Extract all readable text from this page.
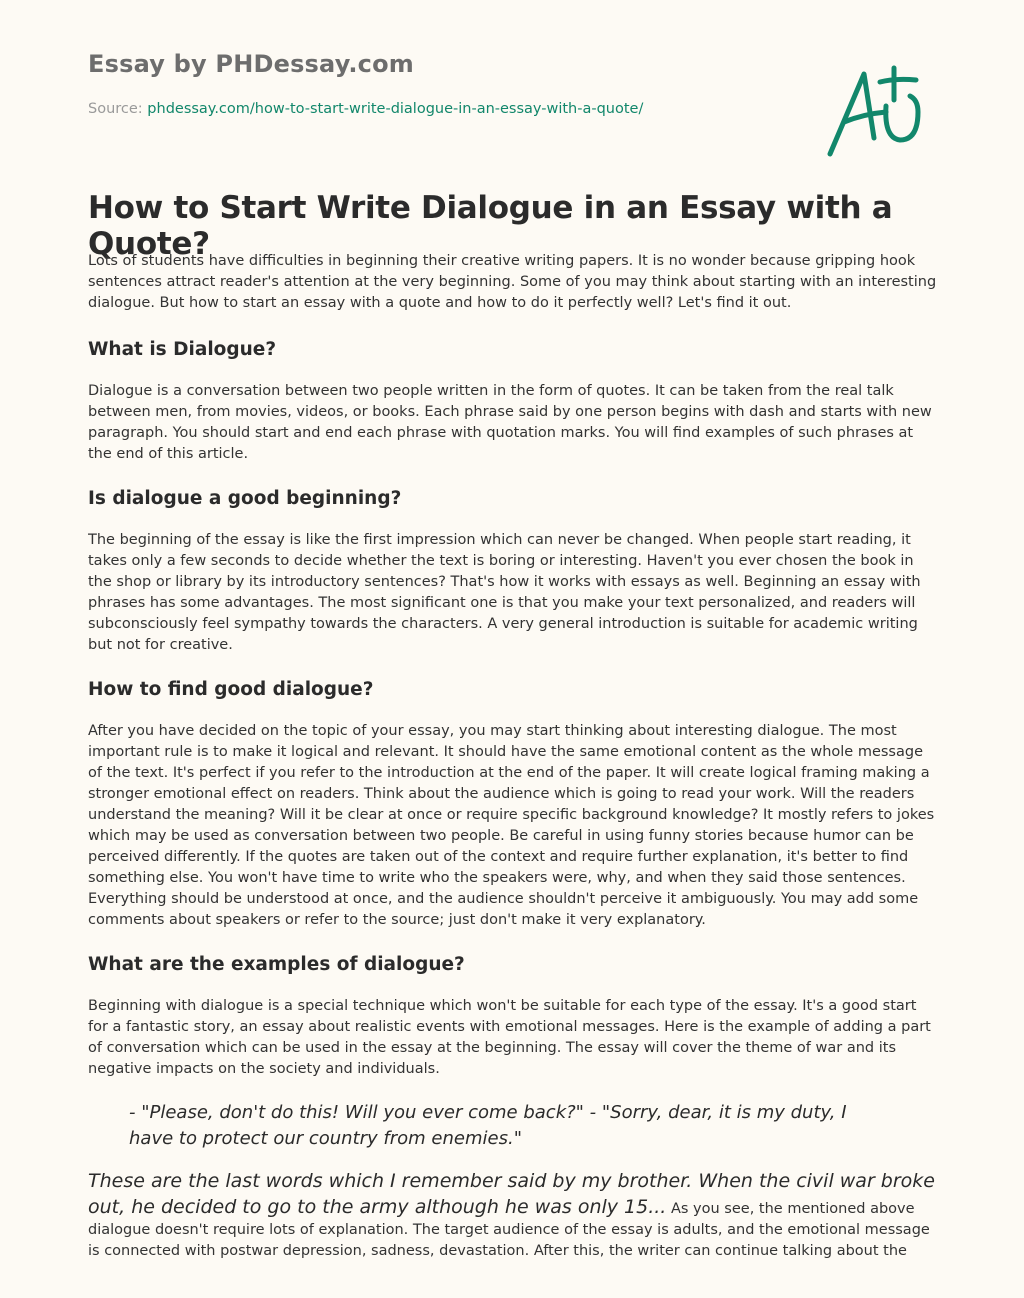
Essay by PHDessay.com
Source: phdessay.com/how-to-start-write-dialogue-in-an-essay-with-a-quote/
How to Start Write Dialogue in an Essay with a Quote?

Lots of students have difficulties in beginning their creative writing papers. It is no wonder because gripping hook sentences attract reader's attention at the very beginning. Some of you may think about starting with an interesting dialogue. But how to start an essay with a quote and how to do it perfectly well? Let's find it out.

What is Dialogue?

Dialogue is a conversation between two people written in the form of quotes. It can be taken from the real talk between men, from movies, videos, or books. Each phrase said by one person begins with dash and starts with new paragraph. You should start and end each phrase with quotation marks. You will find examples of such phrases at the end of this article.

Is dialogue a good beginning?

The beginning of the essay is like the first impression which can never be changed. When people start reading, it takes only a few seconds to decide whether the text is boring or interesting. Haven't you ever chosen the book in the shop or library by its introductory sentences? That's how it works with essays as well. Beginning an essay with phrases has some advantages. The most significant one is that you make your text personalized, and readers will subconsciously feel sympathy towards the characters. A very general introduction is suitable for academic writing but not for creative.

How to find good dialogue?

After you have decided on the topic of your essay, you may start thinking about interesting dialogue. The most important rule is to make it logical and relevant. It should have the same emotional content as the whole message of the text. It's perfect if you refer to the introduction at the end of the paper. It will create logical framing making a stronger emotional effect on readers. Think about the audience which is going to read your work. Will the readers understand the meaning? Will it be clear at once or require specific background knowledge? It mostly refers to jokes which may be used as conversation between two people. Be careful in using funny stories because humor can be perceived differently. If the quotes are taken out of the context and require further explanation, it's better to find something else. You won't have time to write who the speakers were, why, and when they said those sentences. Everything should be understood at once, and the audience shouldn't perceive it ambiguously. You may add some comments about speakers or refer to the source; just don't make it very explanatory.

What are the examples of dialogue?

Beginning with dialogue is a special technique which won't be suitable for each type of the essay. It's a good start for a fantastic story, an essay about realistic events with emotional messages. Here is the example of adding a part of conversation which can be used in the essay at the beginning. The essay will cover the theme of war and its negative impacts on the society and individuals.

- "Please, don't do this! Will you ever come back?" - "Sorry, dear, it is my duty, I have to protect our country from enemies."
These are the last words which I remember said by my brother. When the civil war broke out, he decided to go to the army although he was only 15... As you see, the mentioned above dialogue doesn't require lots of explanation. The target audience of the essay is adults, and the emotional message is connected with postwar depression, sadness, devastation. After this, the writer can continue talking about the
